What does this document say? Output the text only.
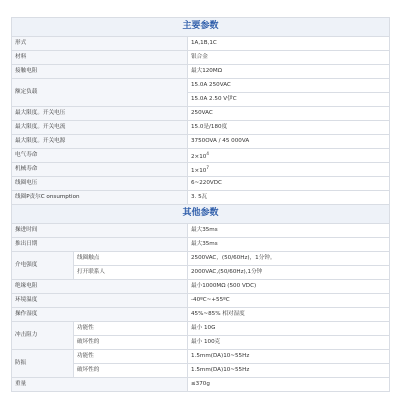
主要参数		
形式		1A,1B,1C
材料		银合金
接触电阻		最大120MΩ
额定负载		15.0A 250VAC
		15.0A 2.50 V伊C
最大限度。开关电压		250VAC
最大限度。开关电流		15.0是/180度
最大限度。开关电源		3750OVA / 45 000VA
电气寿命		$2\times 10^4$
机械寿命		$1\times 10^7$
线圈电压		6~220VDC
线圈P责尔C onsumption		3. 5瓦
其他参数		
操进时间		最大35ms
推出日期		最大35ms
介电强度	线圈触点	2500VAC，(50/60Hz)，1分钟。
	打开联系人	2000VAC,(50/60Hz),1分钟
绝缘电阻		最小1000MΩ (500 VDC)
环境温度		-40ºC~+55ºC
操作湿度		45%~85% 相对湿度
冲击阻力	功能性	最小 10G
	破坏性的	最小 100克
防振	功能性	1.5mm(DA)10~55Hz
	破坏性的	1.5mm(DA)10~55Hz
重量		≤370g
